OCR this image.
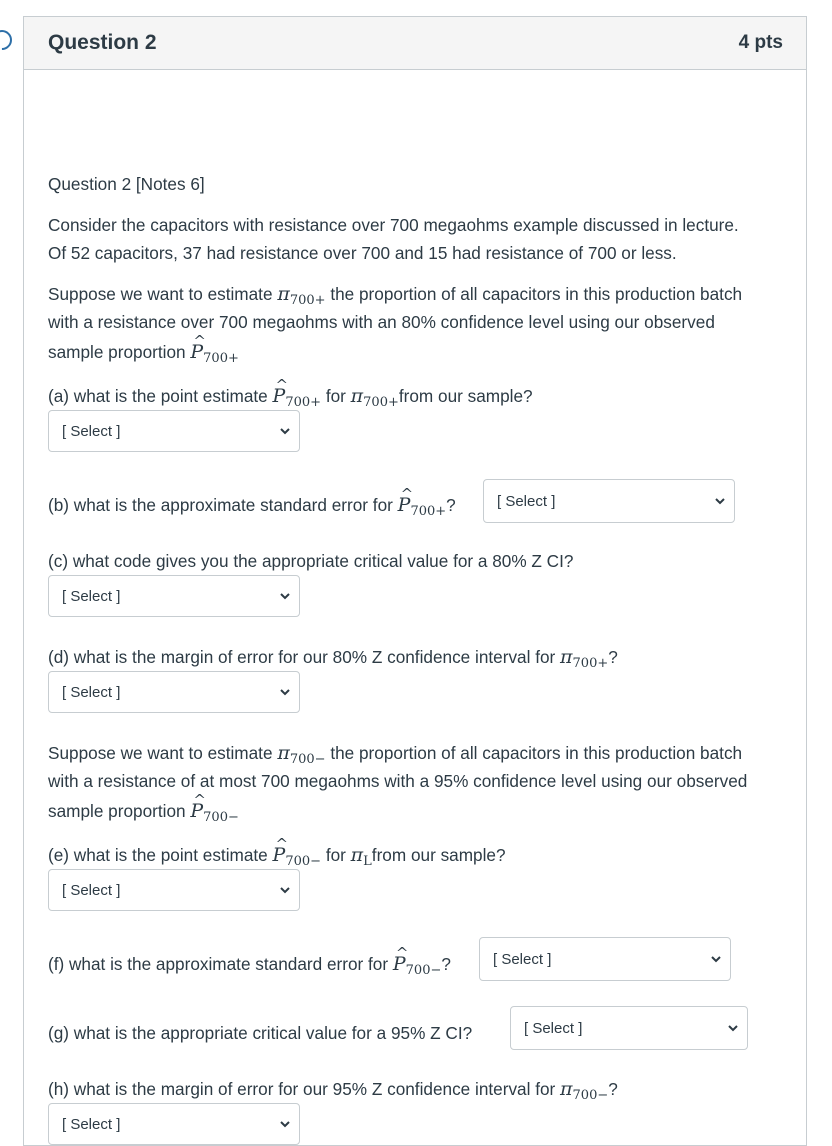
Question 2	4 pts

Question 2 [Notes 6]

Consider the capacitors with resistance over 700 megaohms example discussed in lecture.

Of 52 capacitors, 37 had resistance over 700 and 15 had resistance of 700 or less.

Suppose we want to estimate $\pi_{700+}$ the proportion of all capacitors in this production batch

with a resistance over 700 megaohms with an 80% confidence level using our observed

sample proportion ^ $P_{700+}$

(a) what is the point estimate ^ $P_{700+}$ for $\pi_{700+}from$ our sample?

[ Select ]

(b) what is the approximate standard error for ^ $P_{700+}$?	[ Select ]

(c) what code gives you the appropriate critical value for a 80% Z CI?

[ Select ]

(d) what is the margin of error for our 80% Z confidence interval for $\pi_{700+}$?

[ Select ]

Suppose we want to estimate $\pi_{700-}$ the proportion of all capacitors in this production batch

with a resistance of at most 700 megaohms with a 95% confidence level using our observed

sample proportion ^ $P_{700-}$

(e) what is the point estimate ^ $P_{700-}$ for $\pi_Lfrom$ our sample?

[ Select ]

(f) what is the approximate standard error for ^ $P_{700-}$?	[ Select ]

(g) what is the appropriate critical value for a 95% Z CI?	[ Select ]

(h) what is the margin of error for our 95% Z confidence interval for $\pi_{700-}$?

[ Select ]
